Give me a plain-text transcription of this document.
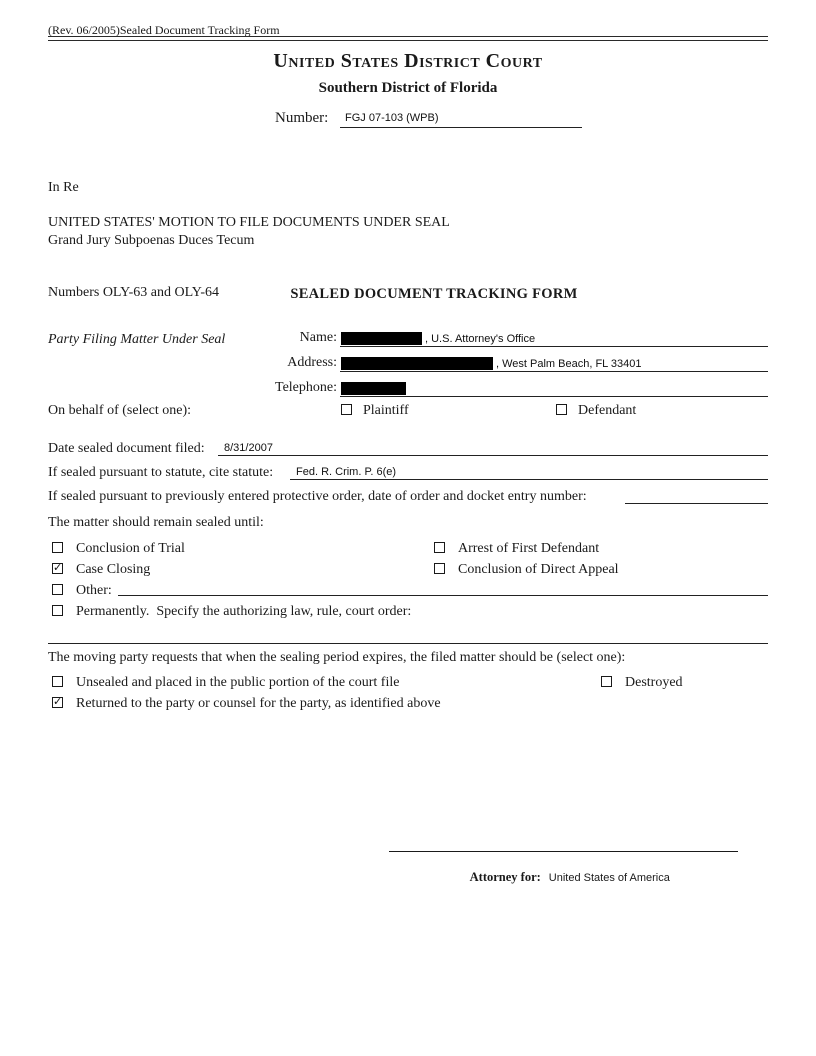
(Rev. 06/2005)Sealed Document Tracking Form
United States District Court
Southern District of Florida
Number: FGJ 07-103 (WPB)

In Re

Grand Jury Subpoenas Duces Tecum

Numbers OLY-63 and OLY-64

UNITED STATES' MOTION TO FILE DOCUMENTS UNDER SEAL
SEALED DOCUMENT TRACKING FORM
Party Filing Matter Under Seal	Name:	, U.S. Attorney's Office
Address:	, West Palm Beach, FL 33401
Telephone:
On behalf of (select one):	Plaintiff	Defendant
Date sealed document filed: 8/31/2007
If sealed pursuant to statute, cite statute: Fed. R. Crim. P. 6(e)
If sealed pursuant to previously entered protective order, date of order and docket entry number:
The matter should remain sealed until:
Conclusion of Trial	Arrest of First Defendant
✓
Case Closing	Conclusion of Direct Appeal
Other:
Permanently.  Specify the authorizing law, rule, court order:
The moving party requests that when the sealing period expires, the filed matter should be (select one):
Unsealed and placed in the public portion of the court file	Destroyed
✓
Returned to the party or counsel for the party, as identified above

Attorney for: United States of America
